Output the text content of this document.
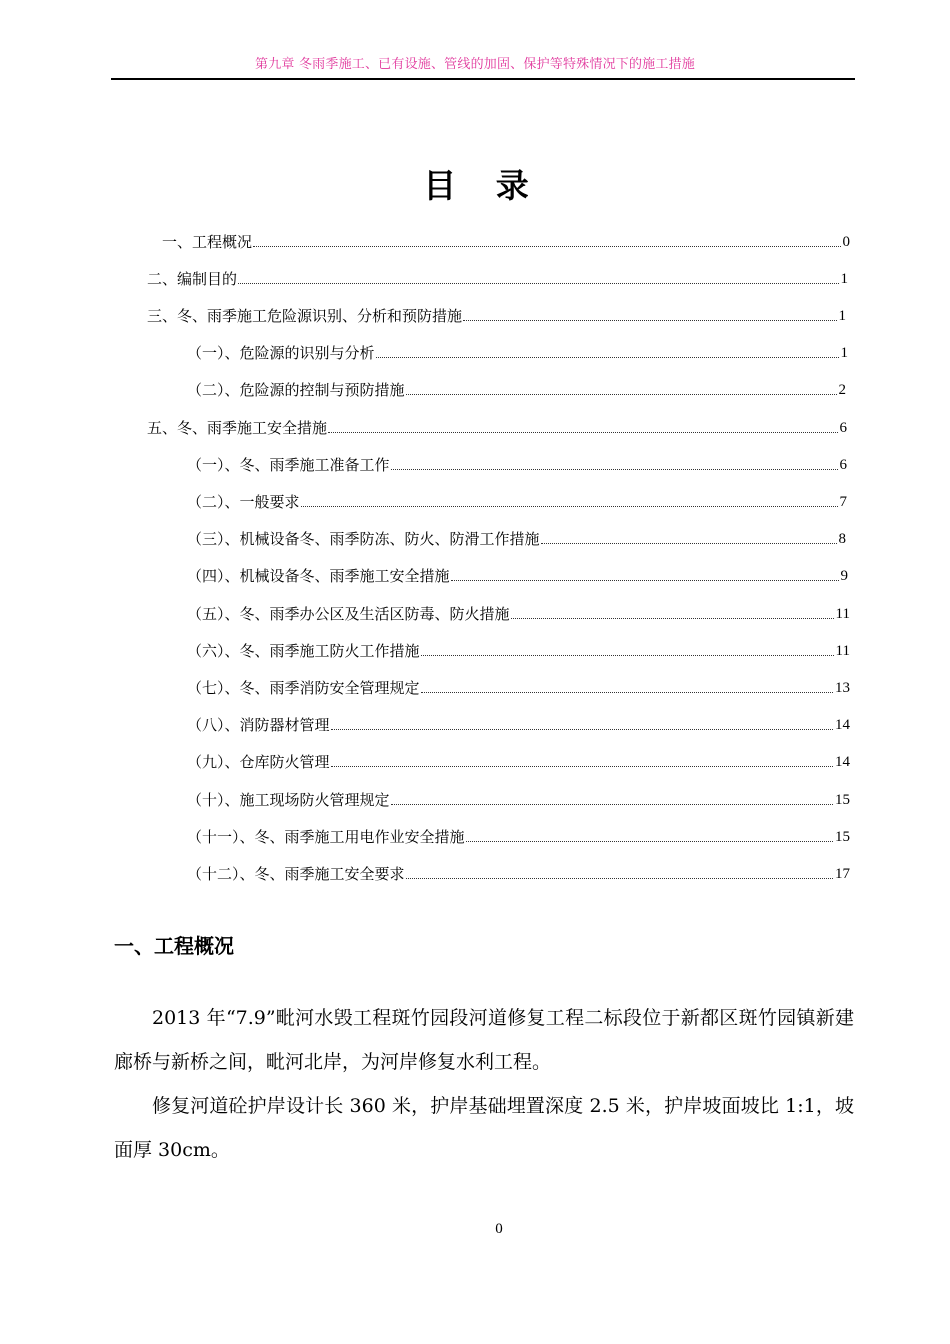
第九章 冬雨季施工、已有设施、管线的加固、保护等特殊情况下的施工措施
目 录
一、工程概况	0
二、编制目的	1
三、冬、雨季施工危险源识别、分析和预防措施	1
（一）、危险源的识别与分析	1
（二）、危险源的控制与预防措施	2
五、冬、雨季施工安全措施	6
（一）、冬、雨季施工准备工作	6
（二）、一般要求	7
（三）、机械设备冬、雨季防冻、防火、防滑工作措施	8
（四）、机械设备冬、雨季施工安全措施	9
（五）、冬、雨季办公区及生活区防毒、防火措施	11
（六）、冬、雨季施工防火工作措施	11
（七）、冬、雨季消防安全管理规定	13
（八）、消防器材管理	14
（九）、仓库防火管理	14
（十）、施工现场防火管理规定	15
（十一）、冬、雨季施工用电作业安全措施	15
（十二）、冬、雨季施工安全要求	17
一、工程概况

2013 年“7.9”毗河水毁工程斑竹园段河道修复工程二标段位于新都区斑竹园镇新建廊桥与新桥之间，毗河北岸，为河岸修复水利工程。

修复河道砼护岸设计长 360 米，护岸基础埋置深度 2.5 米，护岸坡面坡比 1:1，坡面厚 30cm。

0
